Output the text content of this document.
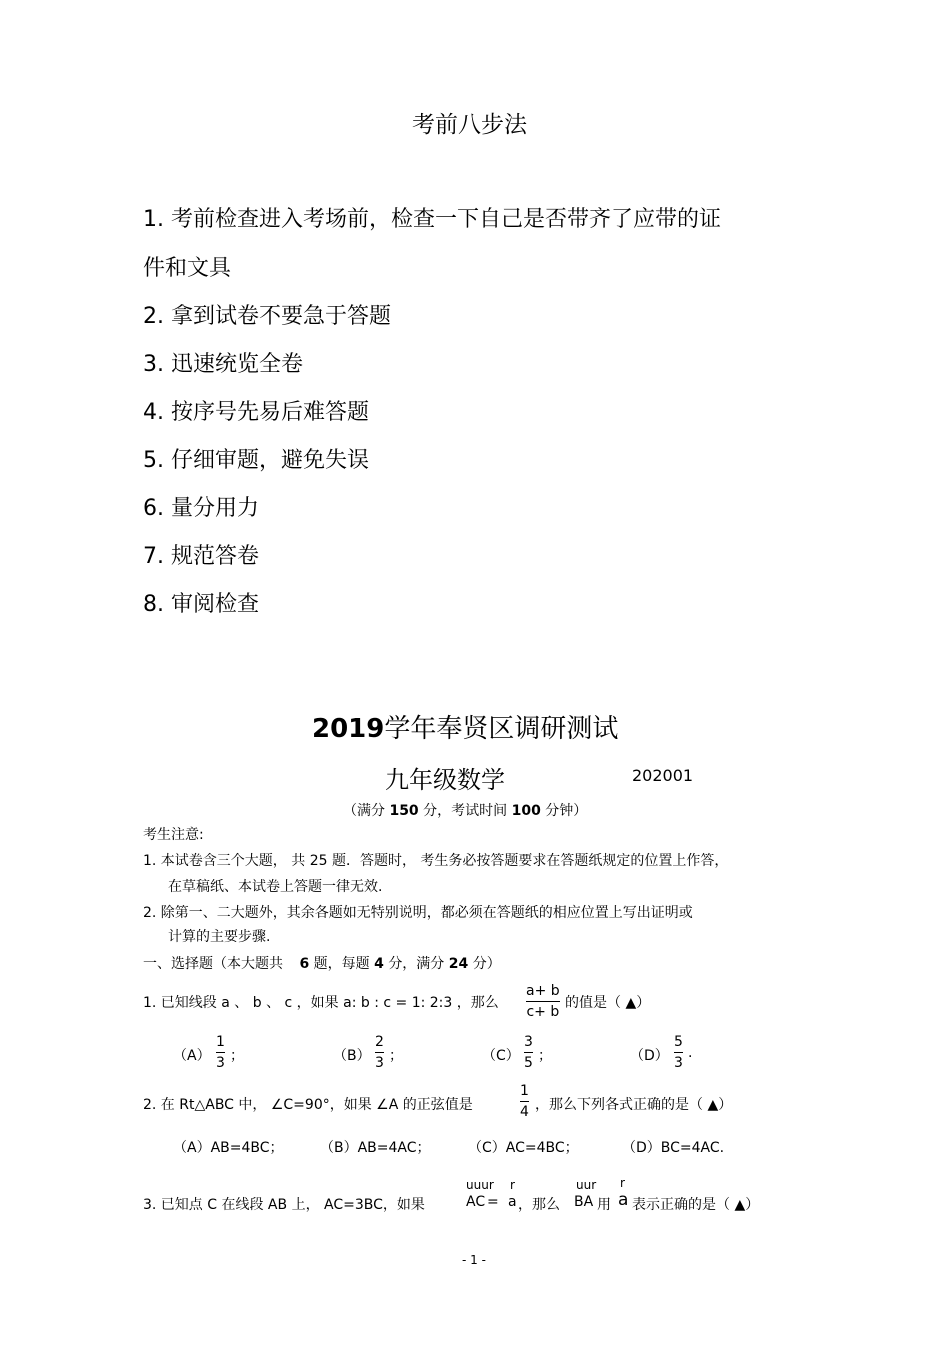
考前八步法
1. 考前检查进入考场前，检查一下自己是否带齐了应带的证
件和文具
2. 拿到试卷不要急于答题
3. 迅速统览全卷
4. 按序号先易后难答题
5. 仔细审题，避免失误
6. 量分用力
7. 规范答卷
8. 审阅检查
2019学年奉贤区调研测试
九年级数学	202001
（满分 150 分，考试时间 100 分钟）
考生注意:
1. 本试卷含三个大题， 共 25 题．答题时， 考生务必按答题要求在答题纸规定的位置上作答，
在草稿纸、本试卷上答题一律无效.
2. 除第一、二大题外，其余各题如无特别说明，都必须在答题纸的相应位置上写出证明或
计算的主要步骤.
一、选择题（本大题共 6 题，每题 4 分，满分 24 分）
1. 已知线段 a 、 b 、 c ，如果 a: b : c = 1: 2:3 ，那么
a+ b
c+ b
的值是（ ▲）
（A）
1
3 ；	（B）
2
3 ；	（C）
3
5 ；	（D）
5
3
.
2. 在 Rt△ABC 中， ∠C=90°，如果 ∠A 的正弦值是
1
4 ，那么下列各式正确的是（ ▲）
（A）AB=4BC；	（B）AB=4AC；	（C）AC=4BC；	（D）BC=4AC.
3. 已知点 C 在线段 AB 上， AC=3BC，如果
uuur
AC =
r
a ，那么
uur
BA 用
r
a 表示正确的是（ ▲）
- 1 -
